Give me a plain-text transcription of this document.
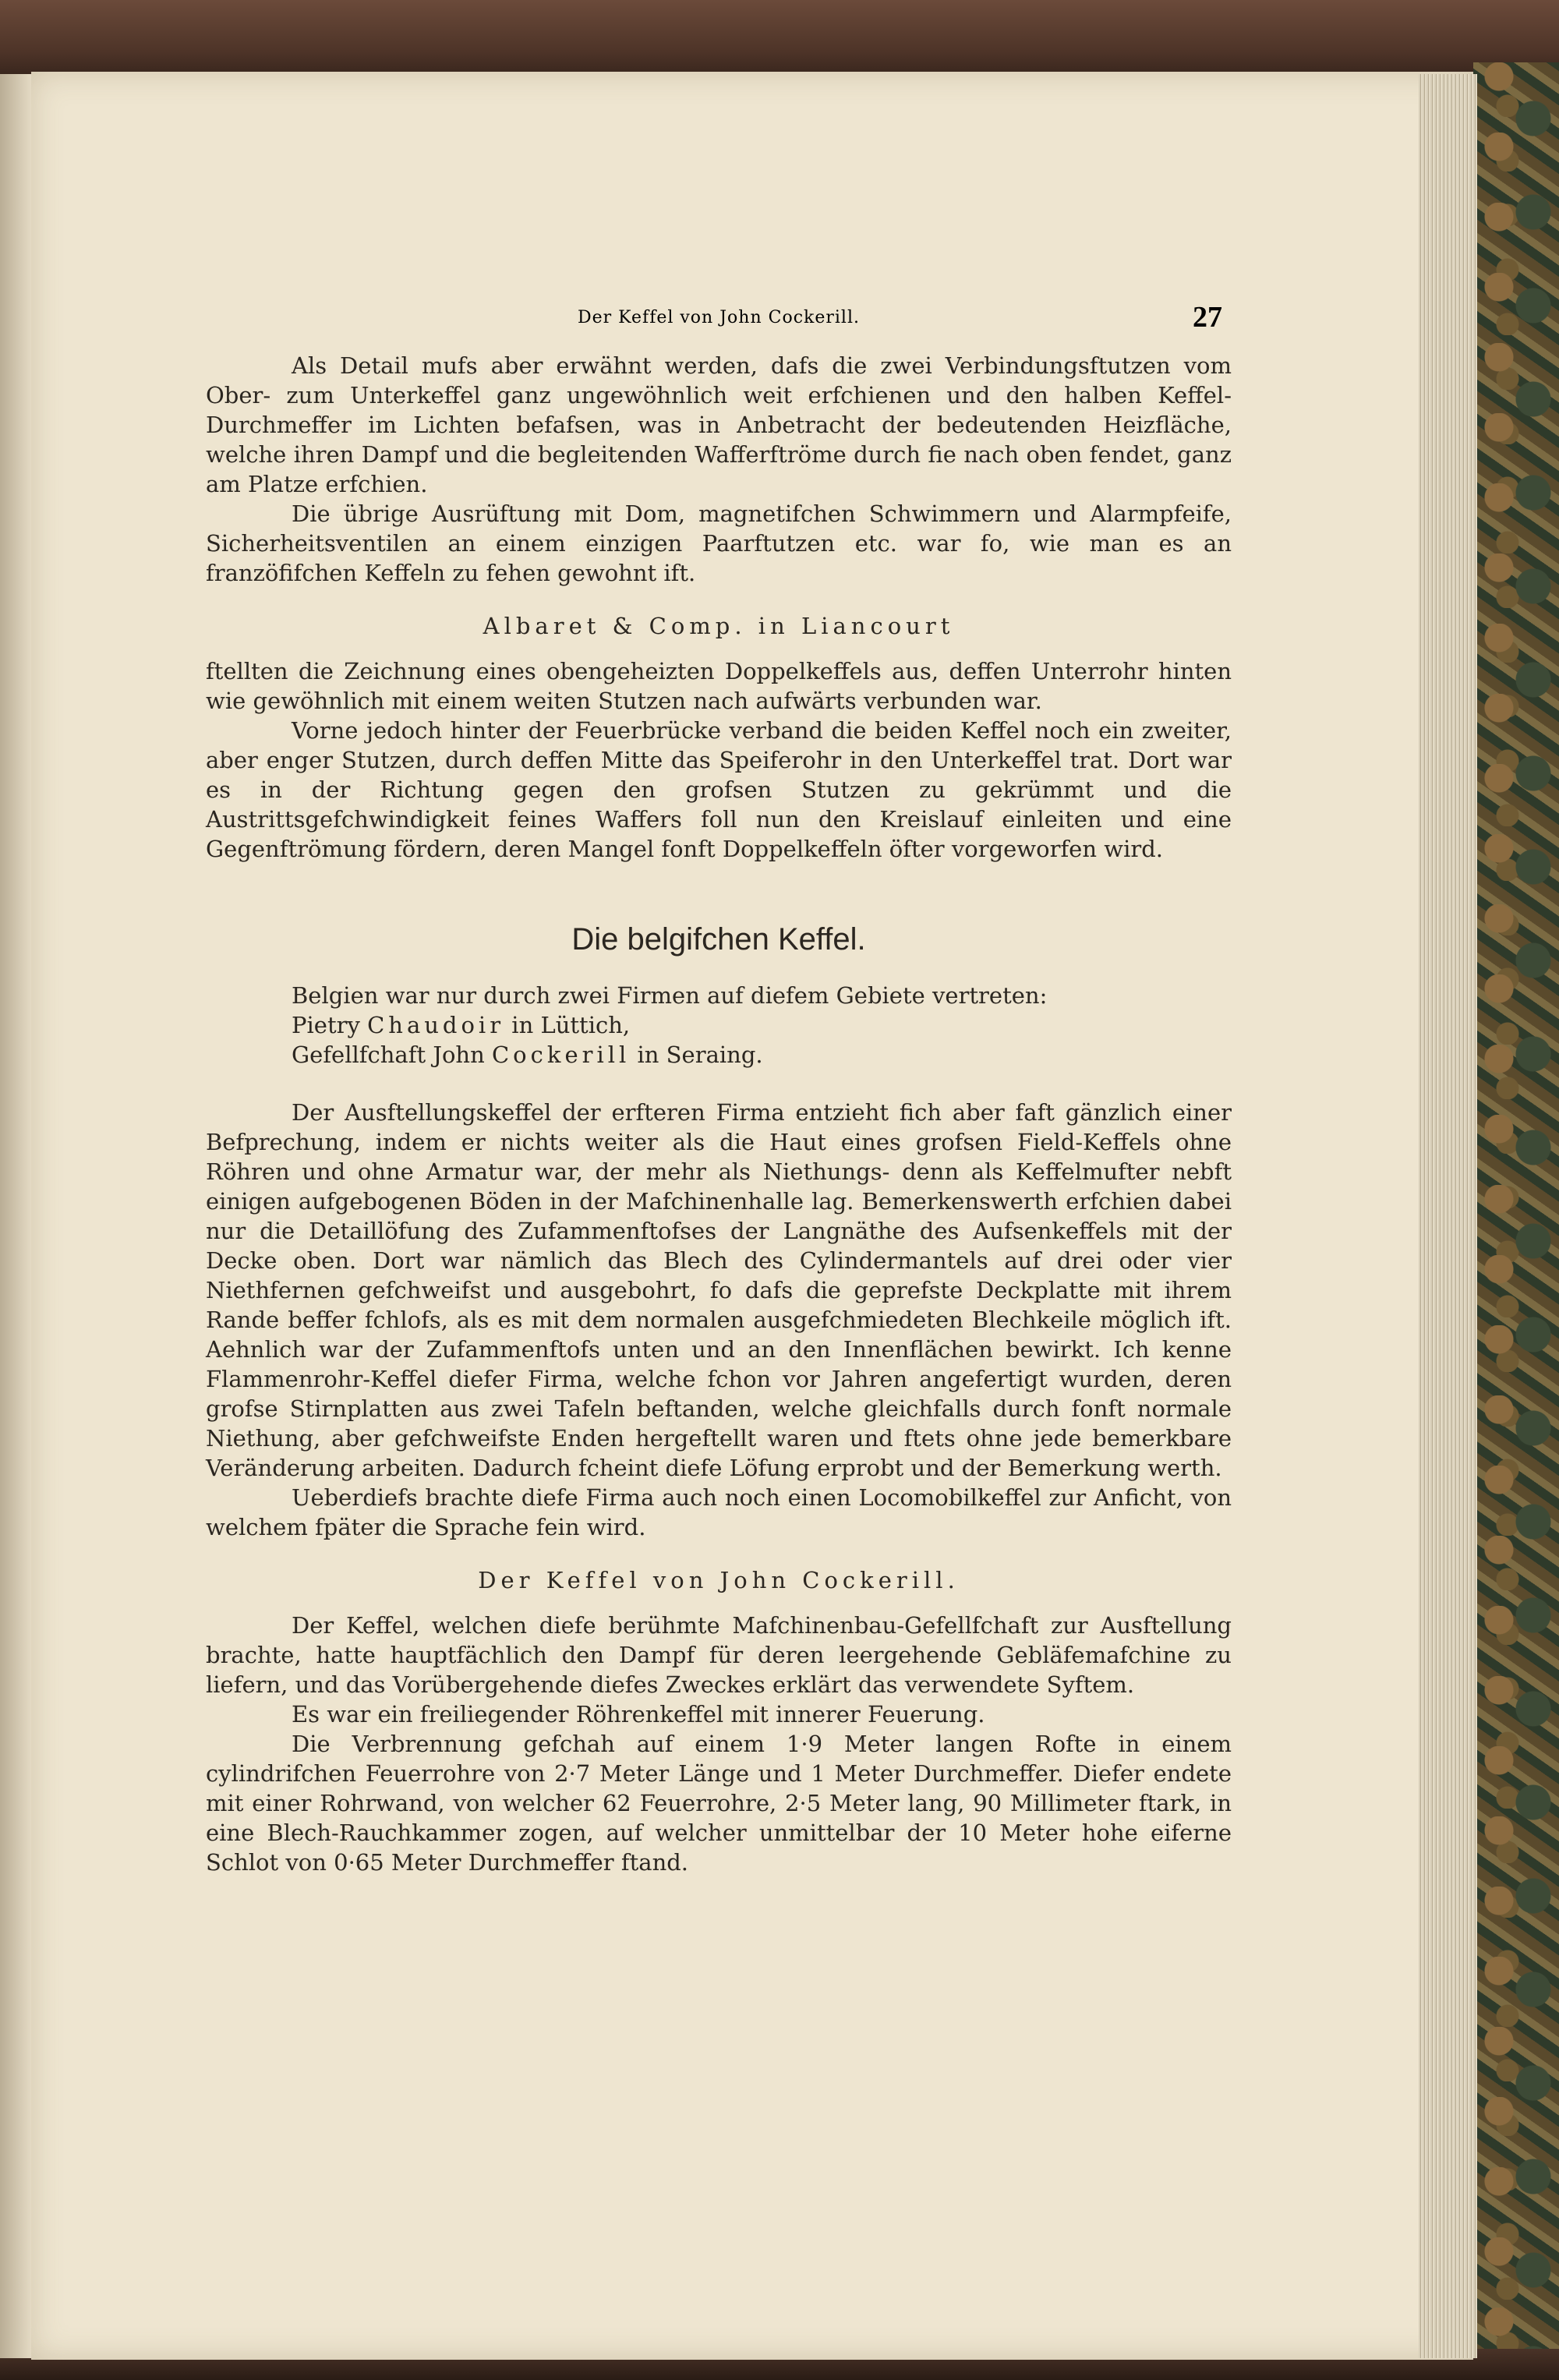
Der Keffel von John Cockerill.	27

Als Detail mufs aber erwähnt werden, dafs die zwei Verbindungsftutzen vom Ober- zum Unterkeffel ganz ungewöhnlich weit erfchienen und den halben Keffel-Durchmeffer im Lichten befafsen, was in Anbetracht der bedeutenden Heizfläche, welche ihren Dampf und die begleitenden Wafferftröme durch fie nach oben fendet, ganz am Platze erfchien.

Die übrige Ausrüftung mit Dom, magnetifchen Schwimmern und Alarmpfeife, Sicherheitsventilen an einem einzigen Paarftutzen etc. war fo, wie man es an franzöfifchen Keffeln zu fehen gewohnt ift.

Albaret & Comp. in Liancourt

ftellten die Zeichnung eines obengeheizten Doppelkeffels aus, deffen Unterrohr hinten wie gewöhnlich mit einem weiten Stutzen nach aufwärts verbunden war.

Vorne jedoch hinter der Feuerbrücke verband die beiden Keffel noch ein zweiter, aber enger Stutzen, durch deffen Mitte das Speiferohr in den Unterkeffel trat. Dort war es in der Richtung gegen den grofsen Stutzen zu gekrümmt und die Austrittsgefchwindigkeit feines Waffers foll nun den Kreislauf einleiten und eine Gegenftrömung fördern, deren Mangel fonft Doppelkeffeln öfter vorgeworfen wird.

Die belgifchen Keffel.

Belgien war nur durch zwei Firmen auf diefem Gebiete vertreten:

Pietry Chaudoir in Lüttich,
Gefellfchaft John Cockerill in Seraing.

Der Ausftellungskeffel der erfteren Firma entzieht fich aber faft gänzlich einer Befprechung, indem er nichts weiter als die Haut eines grofsen Field-Keffels ohne Röhren und ohne Armatur war, der mehr als Niethungs- denn als Keffelmufter nebft einigen aufgebogenen Böden in der Mafchinenhalle lag. Bemerkenswerth erfchien dabei nur die Detaillöfung des Zufammenftofses der Langnäthe des Aufsenkeffels mit der Decke oben. Dort war nämlich das Blech des Cylindermantels auf drei oder vier Niethfernen gefchweifst und ausgebohrt, fo dafs die geprefste Deckplatte mit ihrem Rande beffer fchlofs, als es mit dem normalen ausgefchmiedeten Blechkeile möglich ift. Aehnlich war der Zufammenftofs unten und an den Innenflächen bewirkt. Ich kenne Flammenrohr-Keffel diefer Firma, welche fchon vor Jahren angefertigt wurden, deren grofse Stirnplatten aus zwei Tafeln beftanden, welche gleichfalls durch fonft normale Niethung, aber gefchweifste Enden hergeftellt waren und ftets ohne jede bemerkbare Veränderung arbeiten. Dadurch fcheint diefe Löfung erprobt und der Bemerkung werth.

Ueberdiefs brachte diefe Firma auch noch einen Locomobilkeffel zur Anficht, von welchem fpäter die Sprache fein wird.

Der Keffel von John Cockerill.

Der Keffel, welchen diefe berühmte Mafchinenbau-Gefellfchaft zur Ausftellung brachte, hatte hauptfächlich den Dampf für deren leergehende Gebläfemafchine zu liefern, und das Vorübergehende diefes Zweckes erklärt das verwendete Syftem.

Es war ein freiliegender Röhrenkeffel mit innerer Feuerung.

Die Verbrennung gefchah auf einem 1·9 Meter langen Rofte in einem cylindrifchen Feuerrohre von 2·7 Meter Länge und 1 Meter Durchmeffer. Diefer endete mit einer Rohrwand, von welcher 62 Feuerrohre, 2·5 Meter lang, 90 Millimeter ftark, in eine Blech-Rauchkammer zogen, auf welcher unmittelbar der 10 Meter hohe eiferne Schlot von 0·65 Meter Durchmeffer ftand.
